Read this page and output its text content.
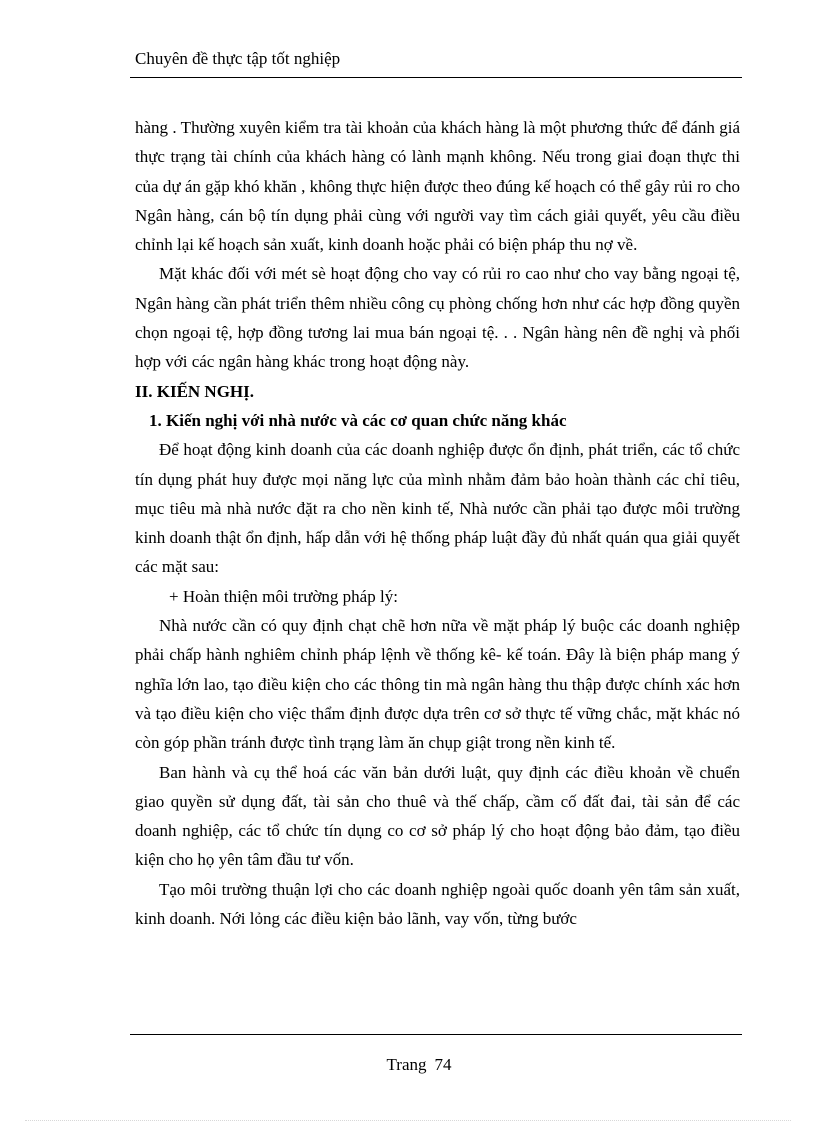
Chuyên đề thực tập tốt nghiệp

hàng . Thường xuyên kiểm tra tài khoản của khách hàng là một phương thức để đánh giá thực trạng tài chính của khách hàng có lành mạnh không. Nếu trong giai đoạn thực thi của dự án gặp khó khăn , không thực hiện được theo đúng kế hoạch có thể gây rủi ro cho Ngân hàng, cán bộ tín dụng phải cùng với người vay tìm cách giải quyết, yêu cầu điều chỉnh lại kế hoạch sản xuất, kinh doanh hoặc phải có biện pháp thu nợ về.

Mặt khác đối với mét sè hoạt động cho vay có rủi ro cao như cho vay bằng ngoại tệ, Ngân hàng cần phát triển thêm nhiều công cụ phòng chống hơn như các hợp đồng quyền chọn ngoại tệ, hợp đồng tương lai mua bán ngoại tệ. . . Ngân hàng nên đề nghị và phối hợp với các ngân hàng khác trong hoạt động này.

II. KIẾN NGHỊ.

1. Kiến nghị với nhà nước và các cơ quan chức năng khác

Để hoạt động kinh doanh của các doanh nghiệp được ổn định, phát triển, các tổ chức tín dụng phát huy được mọi năng lực của mình nhằm đảm bảo hoàn thành các chỉ tiêu, mục tiêu mà nhà nước đặt ra cho nền kinh tế, Nhà nước cần phải tạo được môi trường kinh doanh thật ổn định, hấp dẫn với hệ thống pháp luật đầy đủ nhất quán qua giải quyết các mặt sau:

+ Hoàn thiện môi trường pháp lý:

Nhà nước cần có quy định chạt chẽ hơn nữa về mặt pháp lý buộc các doanh nghiệp phải chấp hành nghiêm chỉnh pháp lệnh về thống kê- kế toán. Đây là biện pháp mang ý nghĩa lớn lao, tạo điều kiện cho các thông tin mà ngân hàng thu thập được chính xác hơn và tạo điều kiện cho việc thẩm định được dựa trên cơ sở thực tế vững chắc, mặt khác nó còn góp phần tránh được tình trạng làm ăn chụp giật trong nền kinh tế.

Ban hành và cụ thể hoá các văn bản dưới luật, quy định các điều khoản về chuển giao quyền sử dụng đất, tài sản cho thuê và thế chấp, cầm cố đất đai, tài sản để các doanh nghiệp, các tổ chức tín dụng co cơ sở pháp lý cho hoạt động bảo đảm, tạo điều kiện cho họ yên tâm đầu tư vốn.

Tạo môi trường thuận lợi cho các doanh nghiệp ngoài quốc doanh yên tâm sản xuất, kinh doanh. Nới lỏng các điều kiện bảo lãnh, vay vốn, từng bước

Trang 74
